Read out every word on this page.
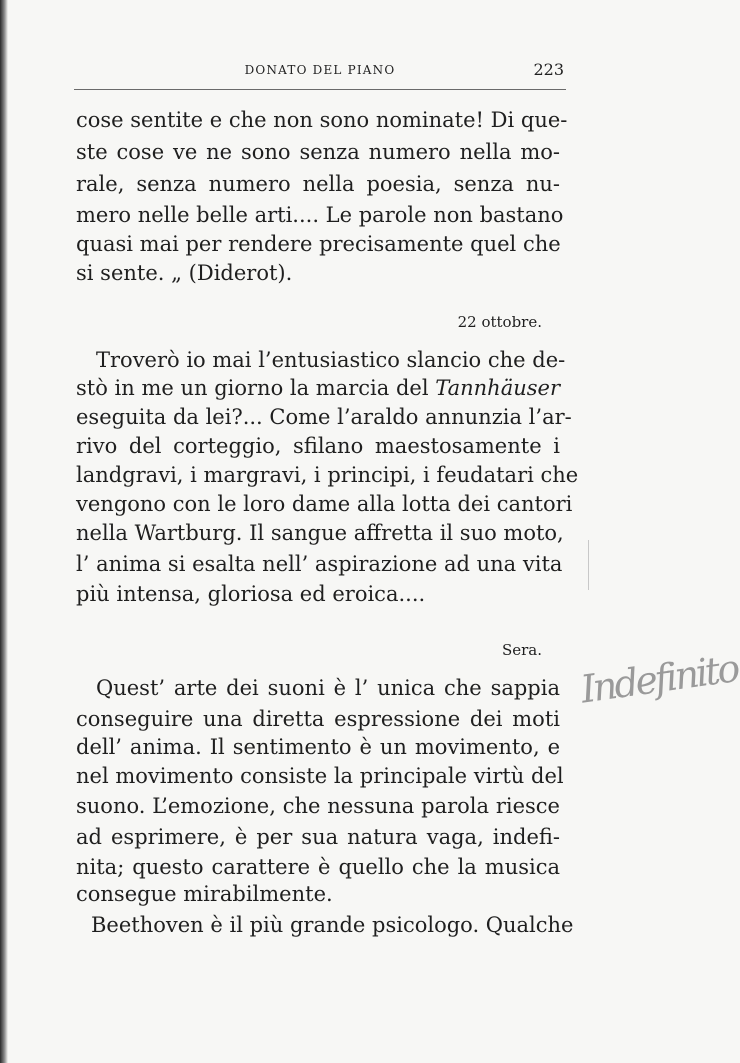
DONATO DEL PIANO	223

cose sentite e che non sono nominate! Di que-

ste cose ve ne sono senza numero nella mo-

rale, senza numero nella poesia, senza nu-

mero nelle belle arti.... Le parole non bastano

quasi mai per rendere precisamente quel che

si sente. „ (Diderot).

22 ottobre.

Troverò io mai l’entusiastico slancio che de-

stò in me un giorno la marcia del Tannhäuser

eseguita da lei?... Come l’araldo annunzia l’ar-

rivo del corteggio, sfilano maestosamente i

landgravi, i margravi, i principi, i feudatari che

vengono con le loro dame alla lotta dei cantori

nella Wartburg. Il sangue affretta il suo moto,

l’ anima si esalta nell’ aspirazione ad una vita

più intensa, gloriosa ed eroica....

Sera.

Quest’ arte dei suoni è l’ unica che sappia

conseguire una diretta espressione dei moti

dell’ anima. Il sentimento è un movimento, e

nel movimento consiste la principale virtù del

suono. L’emozione, che nessuna parola riesce

ad esprimere, è per sua natura vaga, indefi-

nita; questo carattere è quello che la musica

consegue mirabilmente.

Beethoven è il più grande psicologo. Qualche

Indefinito
